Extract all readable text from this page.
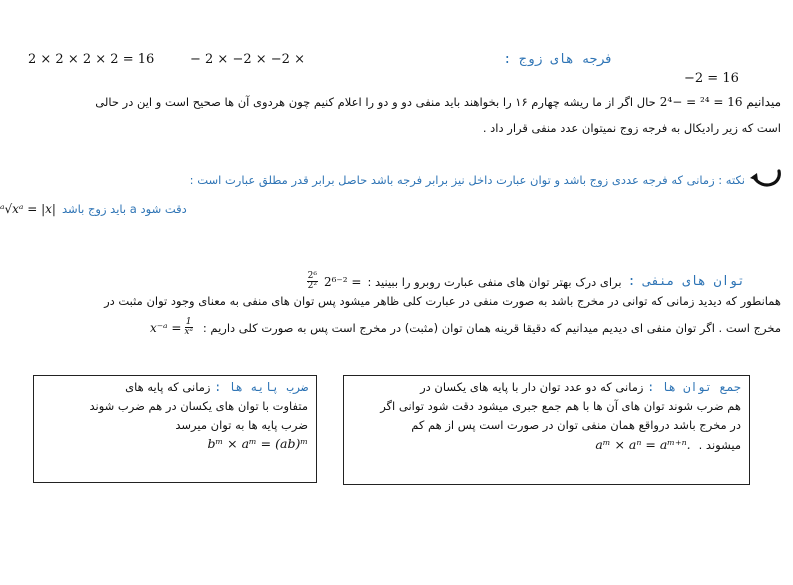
2 × 2 × 2 × 2 = 16	− 2 × −2 × −2 ×	فرجه های زوج :
−2 = 16
میدانیم 16 = ²⁴ = −2⁴
حال اگر از ما ریشه چهارم ۱۶ را بخواهند باید منفی دو و دو را اعلام کنیم چون هردوی آن ها صحیح است و این در حالی
است که زیر رادیکال به فرجه زوج نمیتوان عدد منفی قرار داد .
نکته : زمانی که فرجه عددی زوج باشد و توان عبارت داخل نیز برابر فرجه باشد حاصل برابر قدر مطلق عبارت است :
دقت شود a باید زوج باشد
ᵃ√xᵃ = |x|
توان های منفی :
برای درک بهتر توان های منفی عبارت روبرو را ببینید :
2⁶⁻² =
$\frac{\text{2⁶}}{\text{2²}}$
همانطور که دیدید زمانی که توانی در مخرج باشد به صورت منفی در عبارت کلی ظاهر میشود پس توان های منفی به معنای وجود توان مثبت در
مخرج است . اگر توان منفی ای دیدیم میدانیم که دقیقا قرینه همان توان (مثبت) در مخرج است پس به صورت کلی داریم :
x⁻ᵃ = $\frac{1}{\text{xᵃ}}$
ضرب پایه ها : زمانی که پایه های
متفاوت با توان های یکسان در هم ضرب شوند
ضرب پایه ها به توان میرسد
bᵐ × aᵐ = (ab)ᵐ
جمع توان ها : زمانی که دو عدد توان دار با پایه های یکسان در
هم ضرب شوند توان های آن ها با هم جمع جبری میشود دقت شود توانی اگر
در مخرج باشد درواقع همان منفی توان در صورت است پس از هم کم
میشوند .
aᵐ × aⁿ = aᵐ⁺ⁿ.
